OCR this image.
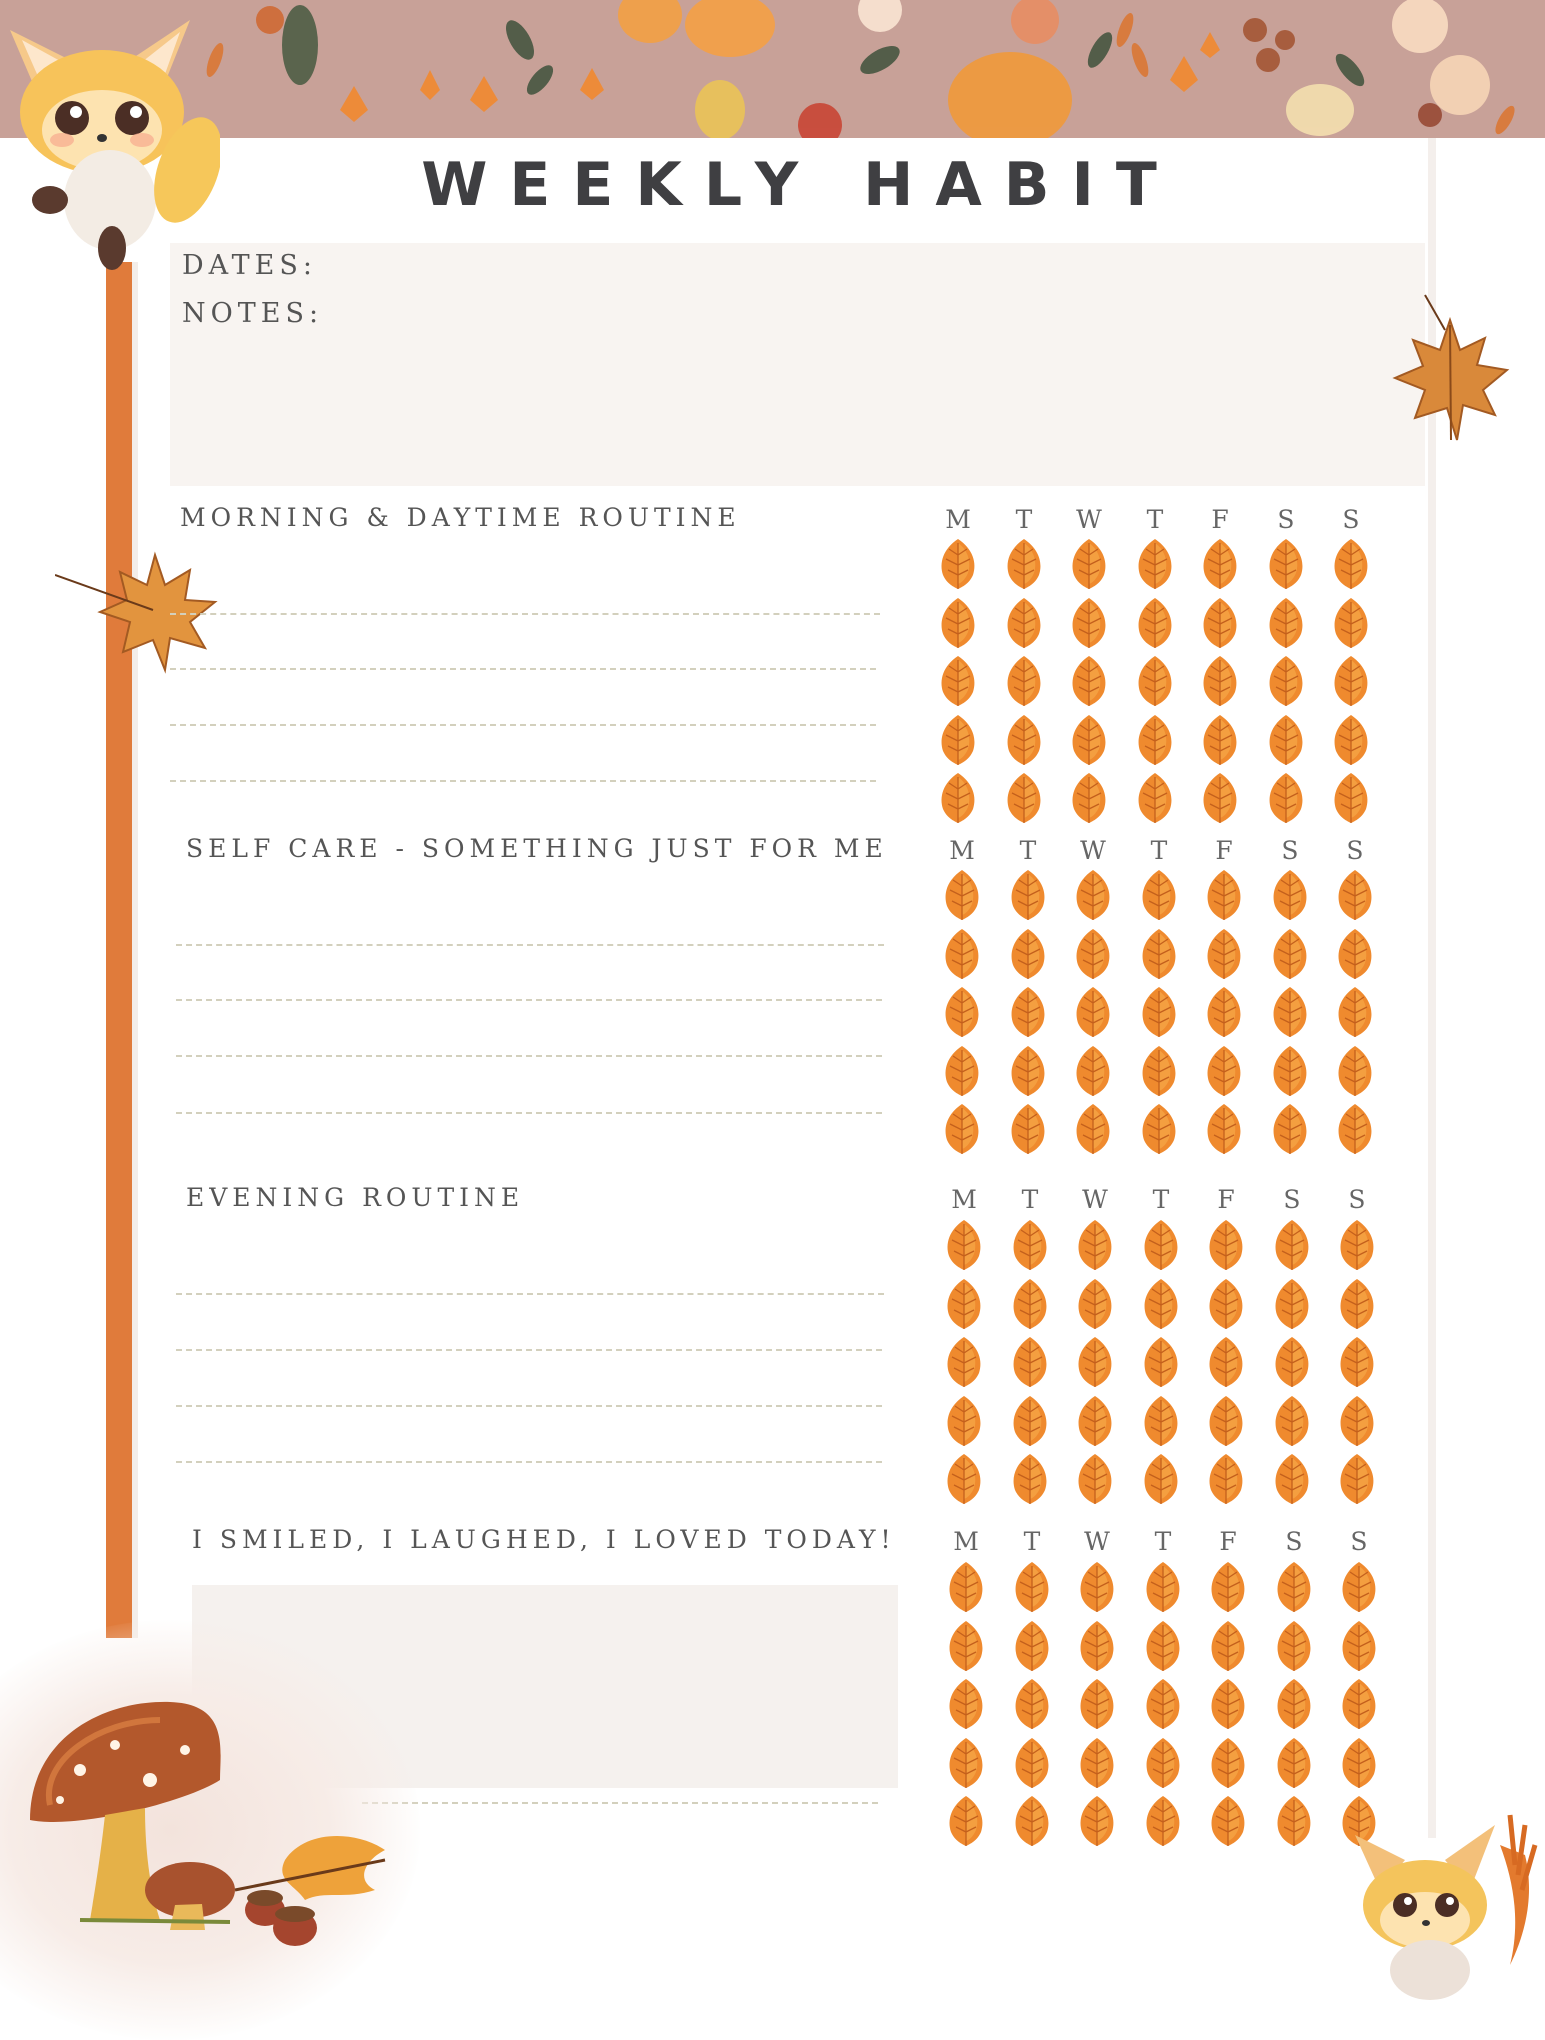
WEEKLY HABIT
DATES:
NOTES:
MORNING & DAYTIME ROUTINE
SELF CARE - SOMETHING JUST FOR ME
EVENING ROUTINE
I SMILED, I LAUGHED, I LOVED TODAY!
M	T	W	T	F	S	S
M	T	W	T	F	S	S
M	T	W	T	F	S	S
M	T	W	T	F	S	S
